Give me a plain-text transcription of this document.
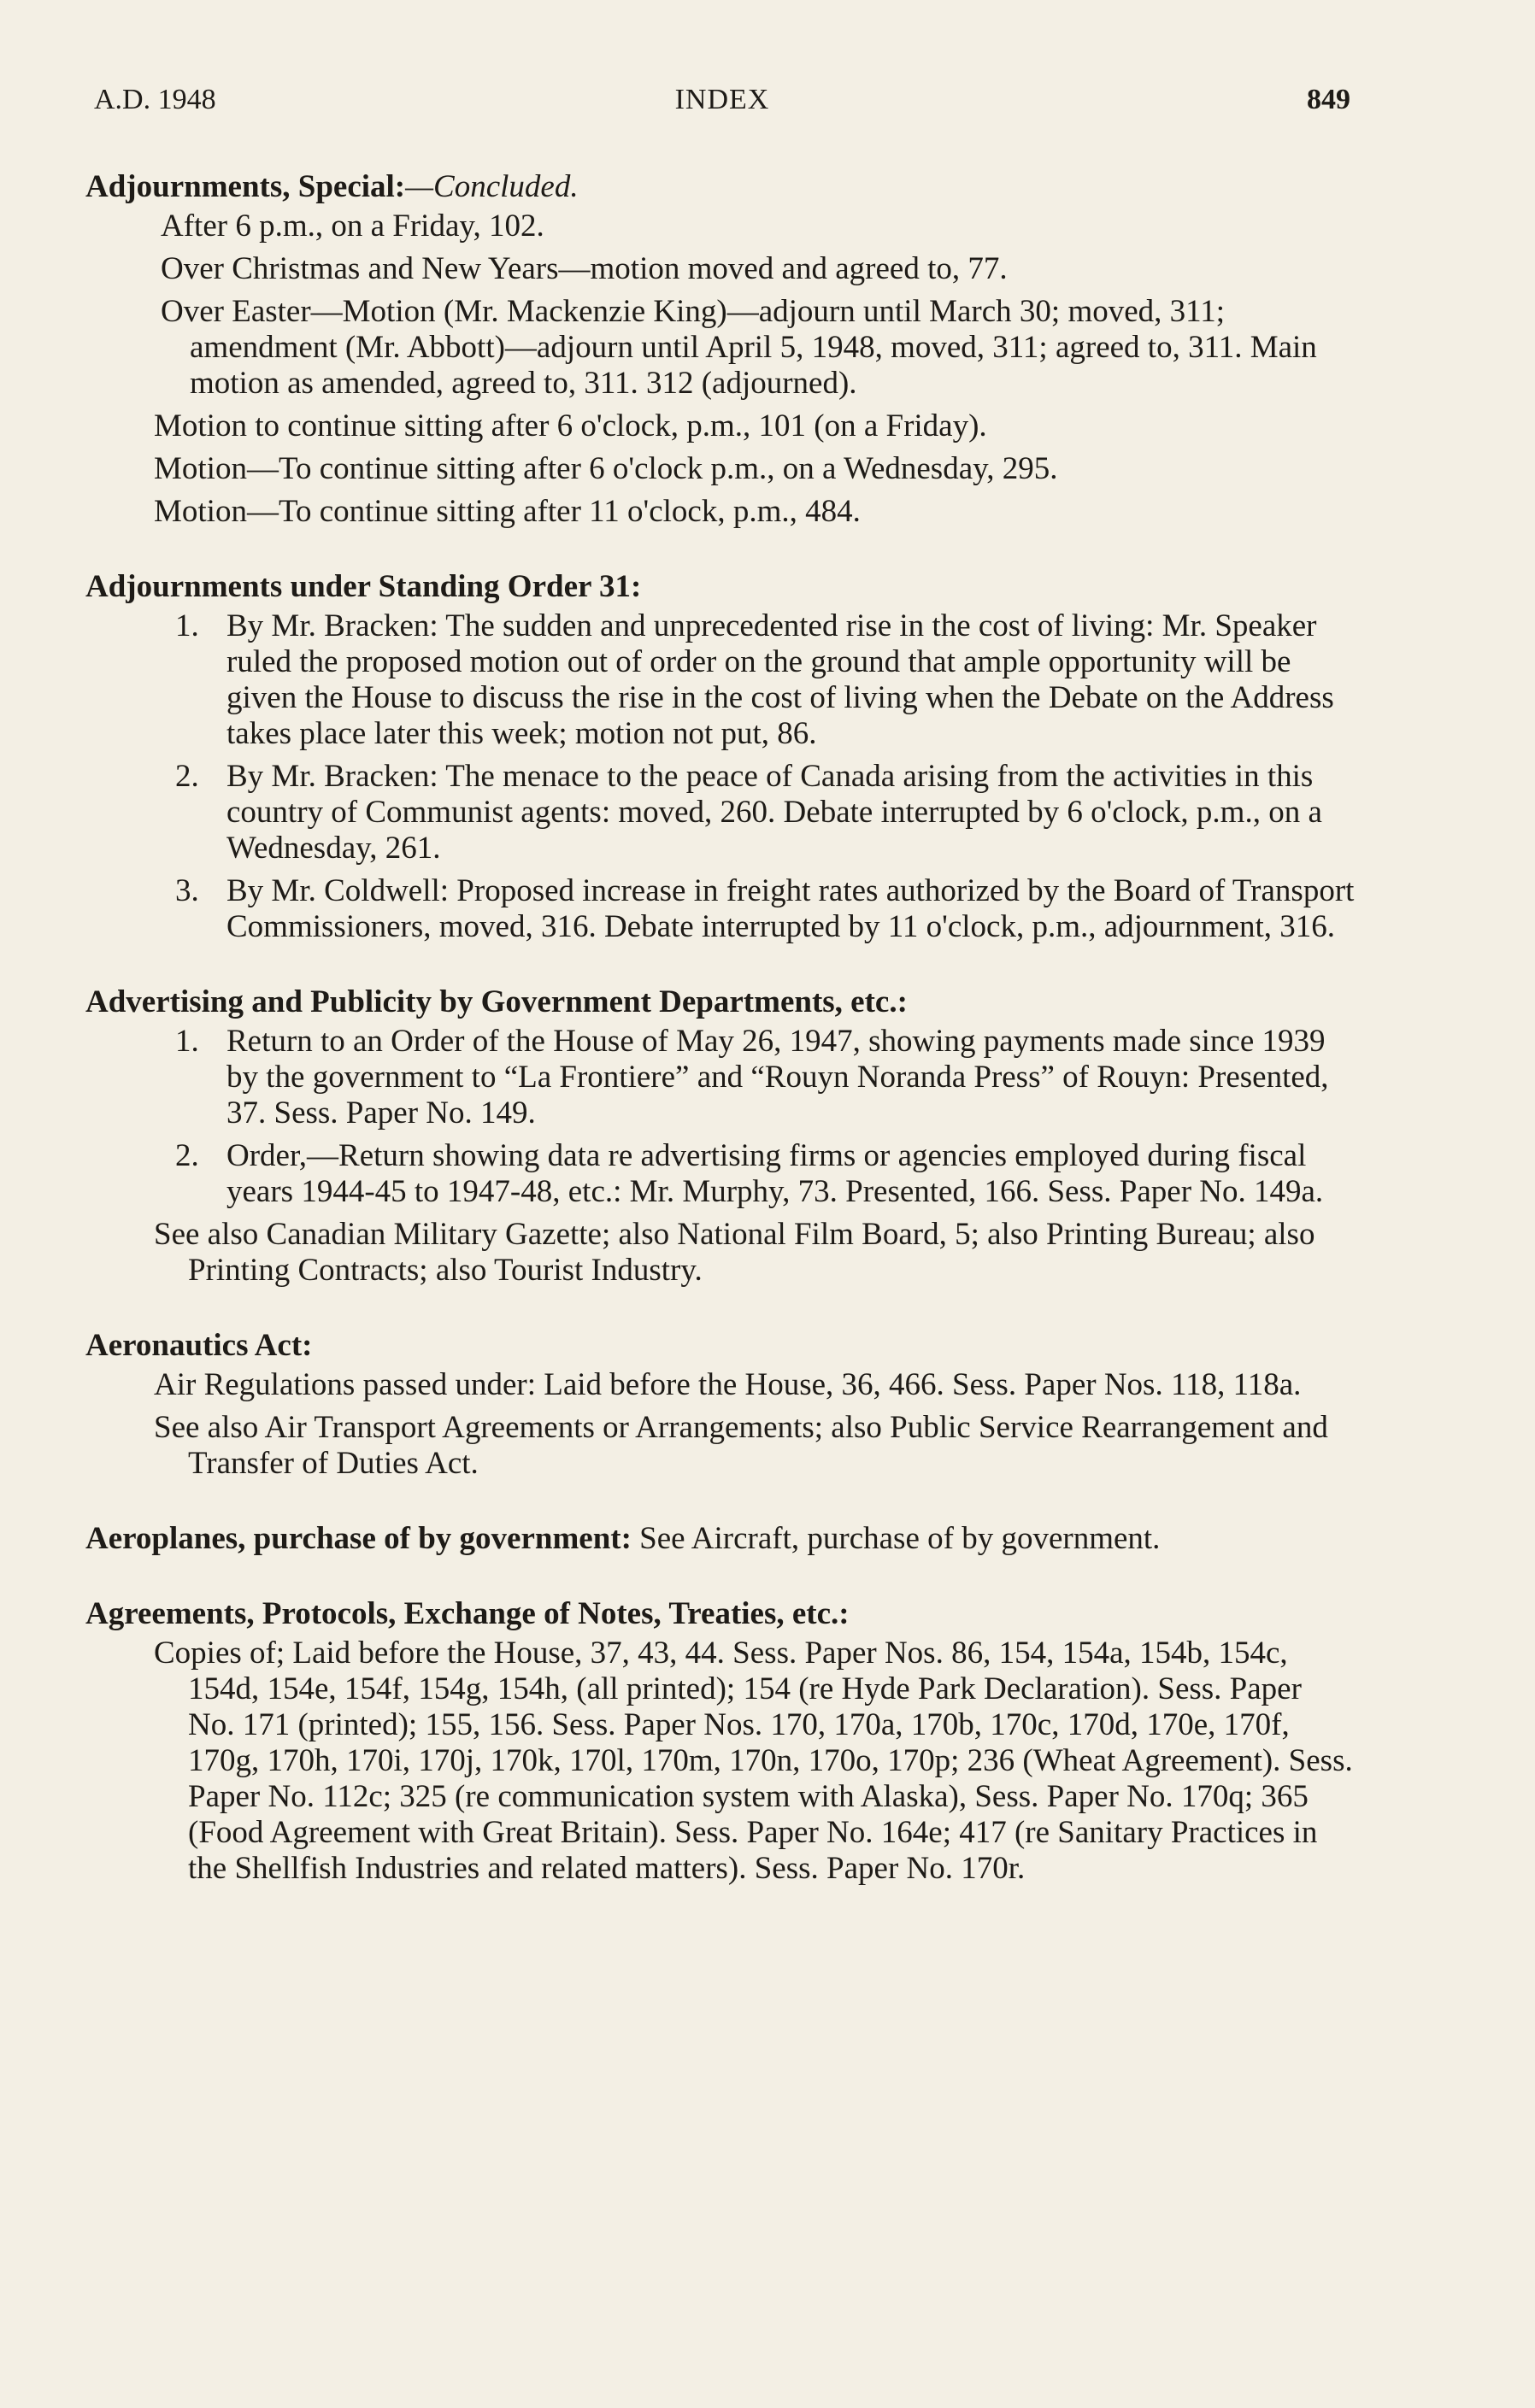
A.D. 1948	INDEX	849
Adjournments, Special:—Concluded.
After 6 p.m., on a Friday, 102.
Over Christmas and New Years—motion moved and agreed to, 77.
Over Easter—Motion (Mr. Mackenzie King)—adjourn until March 30; moved, 311; amendment (Mr. Abbott)—adjourn until April 5, 1948, moved, 311; agreed to, 311. Main motion as amended, agreed to, 311. 312 (adjourned).
Motion to continue sitting after 6 o'clock, p.m., 101 (on a Friday).
Motion—To continue sitting after 6 o'clock p.m., on a Wednesday, 295.
Motion—To continue sitting after 11 o'clock, p.m., 484.
Adjournments under Standing Order 31:
1. By Mr. Bracken: The sudden and unprecedented rise in the cost of living: Mr. Speaker ruled the proposed motion out of order on the ground that ample opportunity will be given the House to discuss the rise in the cost of living when the Debate on the Address takes place later this week; motion not put, 86.
2. By Mr. Bracken: The menace to the peace of Canada arising from the activities in this country of Communist agents: moved, 260. Debate interrupted by 6 o'clock, p.m., on a Wednesday, 261.
3. By Mr. Coldwell: Proposed increase in freight rates authorized by the Board of Transport Commissioners, moved, 316. Debate interrupted by 11 o'clock, p.m., adjournment, 316.
Advertising and Publicity by Government Departments, etc.:
1. Return to an Order of the House of May 26, 1947, showing payments made since 1939 by the government to “La Frontiere” and “Rouyn Noranda Press” of Rouyn: Presented, 37. Sess. Paper No. 149.
2. Order,—Return showing data re advertising firms or agencies employed during fiscal years 1944-45 to 1947-48, etc.: Mr. Murphy, 73. Presented, 166. Sess. Paper No. 149a.
See also Canadian Military Gazette; also National Film Board, 5; also Printing Bureau; also Printing Contracts; also Tourist Industry.
Aeronautics Act:
Air Regulations passed under: Laid before the House, 36, 466. Sess. Paper Nos. 118, 118a.
See also Air Transport Agreements or Arrangements; also Public Service Rearrangement and Transfer of Duties Act.
Aeroplanes, purchase of by government: See Aircraft, purchase of by government.
Agreements, Protocols, Exchange of Notes, Treaties, etc.:
Copies of; Laid before the House, 37, 43, 44. Sess. Paper Nos. 86, 154, 154a, 154b, 154c, 154d, 154e, 154f, 154g, 154h, (all printed); 154 (re Hyde Park Declaration). Sess. Paper No. 171 (printed); 155, 156. Sess. Paper Nos. 170, 170a, 170b, 170c, 170d, 170e, 170f, 170g, 170h, 170i, 170j, 170k, 170l, 170m, 170n, 170o, 170p; 236 (Wheat Agreement). Sess. Paper No. 112c; 325 (re communication system with Alaska), Sess. Paper No. 170q; 365 (Food Agreement with Great Britain). Sess. Paper No. 164e; 417 (re Sanitary Practices in the Shellfish Industries and related matters). Sess. Paper No. 170r.
